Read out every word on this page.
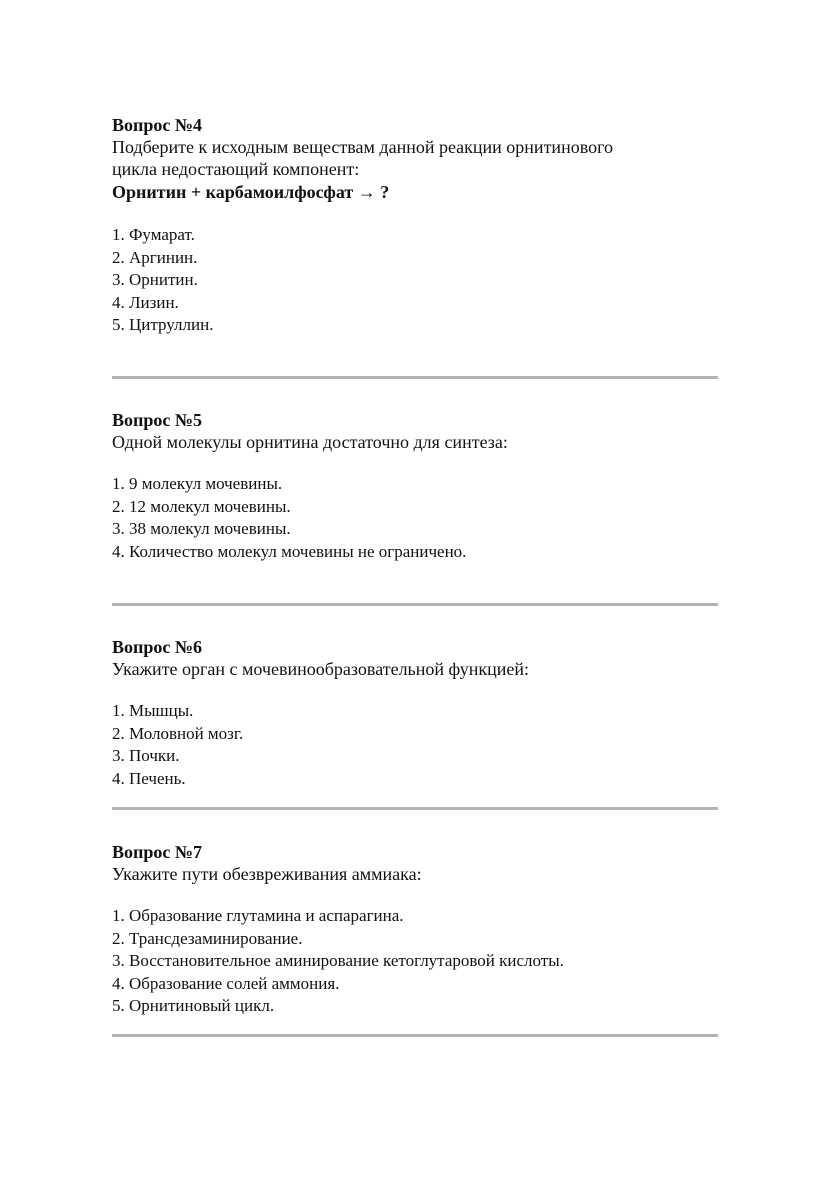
Вопрос №4

Подберите к исходным веществам данной реакции орнитинового

цикла недостающий компонент:

Орнитин + карбамоилфосфат → ?

1. Фумарат.
2. Аргинин.
3. Орнитин.
4. Лизин.
5. Цитруллин.

Вопрос №5

Одной молекулы орнитина достаточно для синтеза:

1. 9 молекул мочевины.
2. 12 молекул мочевины.
3. 38 молекул мочевины.
4. Количество молекул мочевины не ограничено.

Вопрос №6

Укажите орган с мочевинообразовательной функцией:

1. Мышцы.
2. Моловной мозг.
3. Почки.
4. Печень.

Вопрос №7

Укажите пути обезвреживания аммиака:

1. Образование глутамина и аспарагина.
2. Трансдезаминирование.
3. Восстановительное аминирование кетоглутаровой кислоты.
4. Образование солей аммония.
5. Орнитиновый цикл.
